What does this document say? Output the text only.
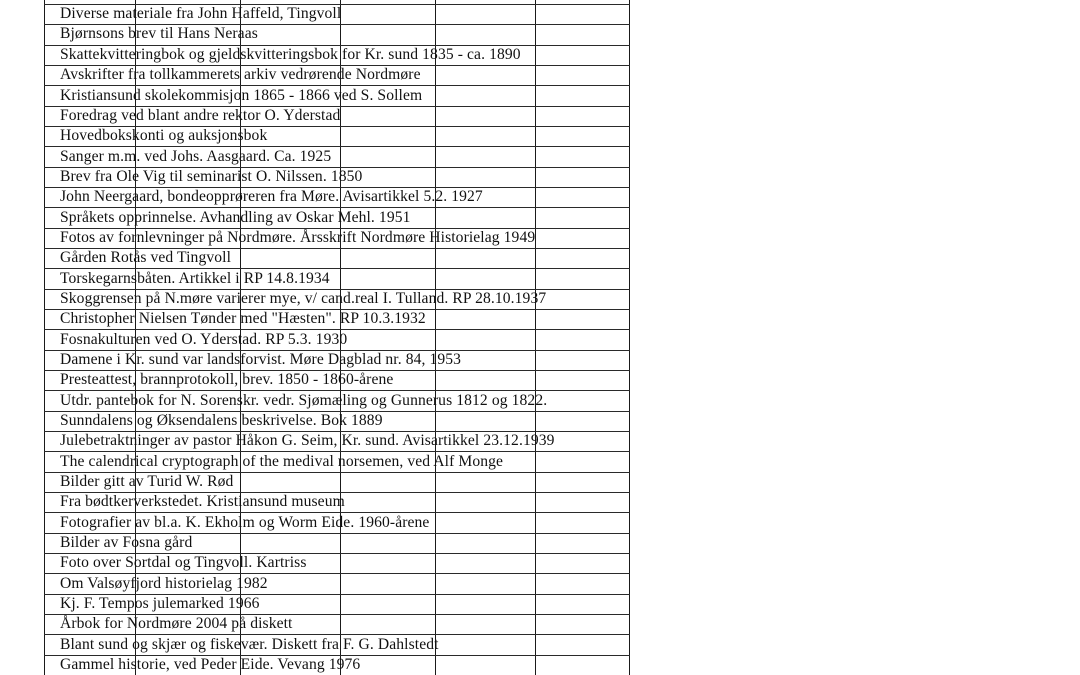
Diverse materiale fra John Haffeld, Tingvoll
Bjørnsons brev til Hans Neraas
Skattekvitteringbok og gjeldskvitteringsbok for Kr. sund 1835 - ca. 1890
Avskrifter fra tollkammerets arkiv vedrørende Nordmøre
Kristiansund skolekommisjon 1865 - 1866 ved S. Sollem
Foredrag ved blant andre rektor O. Yderstad
Hovedbokskonti og auksjonsbok
Sanger m.m. ved Johs. Aasgaard. Ca. 1925
Brev fra Ole Vig til seminarist O. Nilssen. 1850
John Neergaard, bondeopprøreren fra Møre. Avisartikkel 5.2. 1927
Språkets opprinnelse. Avhandling av Oskar Mehl. 1951
Fotos av fornlevninger på Nordmøre. Årsskrift Nordmøre Historielag 1949
Gården Rotås ved Tingvoll
Torskegarnsbåten. Artikkel i RP 14.8.1934
Skoggrensen på N.møre varierer mye, v/ cand.real I. Tulland. RP 28.10.1937
Christopher Nielsen Tønder med "Hæsten". RP 10.3.1932
Fosnakulturen ved O. Yderstad. RP 5.3. 1930
Damene i Kr. sund var landsforvist. Møre Dagblad nr. 84, 1953
Presteattest, brannprotokoll, brev. 1850 - 1860-årene
Utdr. pantebok for N. Sorenskr. vedr. Sjømæling og Gunnerus 1812 og 1822.
Sunndalens og Øksendalens beskrivelse. Bok 1889
Julebetraktninger av pastor Håkon G. Seim, Kr. sund. Avisartikkel 23.12.1939
The calendrical cryptograph of the medival norsemen, ved Alf Monge
Bilder gitt av Turid W. Rød
Fra bødtkerverkstedet. Kristiansund museum
Fotografier av bl.a. K. Ekholm og Worm Eide. 1960-årene
Bilder av Fosna gård
Foto over Sortdal og Tingvoll. Kartriss
Om Valsøyfjord historielag 1982
Kj. F. Tempos julemarked 1966
Årbok for Nordmøre 2004 på diskett
Blant sund og skjær og fiskevær. Diskett fra F. G. Dahlstedt
Gammel historie, ved Peder Eide. Vevang 1976
